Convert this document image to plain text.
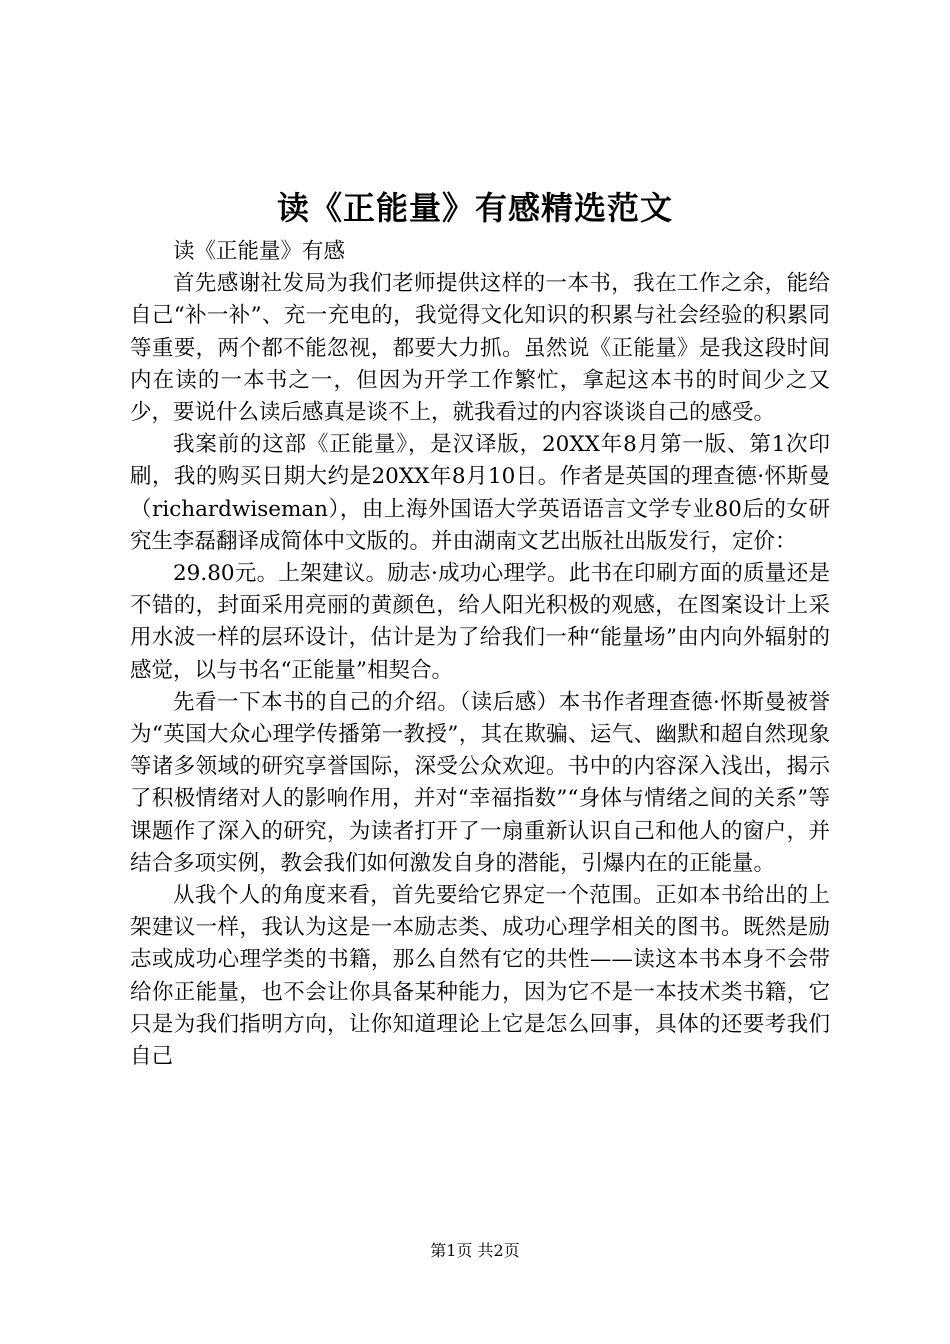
读《正能量》有感精选范文

读《正能量》有感

首先感谢社发局为我们老师提供这样的一本书，我在工作之余，能给自己“补一补”、充一充电的，我觉得文化知识的积累与社会经验的积累同等重要，两个都不能忽视，都要大力抓。虽然说《正能量》是我这段时间内在读的一本书之一，但因为开学工作繁忙，拿起这本书的时间少之又少，要说什么读后感真是谈不上，就我看过的内容谈谈自己的感受。

我案前的这部《正能量》，是汉译版，20XX年8月第一版、第1次印刷，我的购买日期大约是20XX年8月10日。作者是英国的理查德·怀斯曼（richardwiseman），由上海外国语大学英语语言文学专业80后的女研究生李磊翻译成简体中文版的。并由湖南文艺出版社出版发行，定价：

29.80元。上架建议。励志·成功心理学。此书在印刷方面的质量还是不错的，封面采用亮丽的黄颜色，给人阳光积极的观感，在图案设计上采用水波一样的层环设计，估计是为了给我们一种“能量场”由内向外辐射的感觉，以与书名“正能量”相契合。

先看一下本书的自己的介绍。（读后感）本书作者理查德·怀斯曼被誉为“英国大众心理学传播第一教授”，其在欺骗、运气、幽默和超自然现象等诸多领域的研究享誉国际，深受公众欢迎。书中的内容深入浅出，揭示了积极情绪对人的影响作用，并对“幸福指数”“身体与情绪之间的关系”等课题作了深入的研究，为读者打开了一扇重新认识自己和他人的窗户，并结合多项实例，教会我们如何激发自身的潜能，引爆内在的正能量。

从我个人的角度来看，首先要给它界定一个范围。正如本书给出的上架建议一样，我认为这是一本励志类、成功心理学相关的图书。既然是励志或成功心理学类的书籍，那么自然有它的共性——读这本书本身不会带给你正能量，也不会让你具备某种能力，因为它不是一本技术类书籍，它只是为我们指明方向，让你知道理论上它是怎么回事，具体的还要考我们自己

第1页 共2页
